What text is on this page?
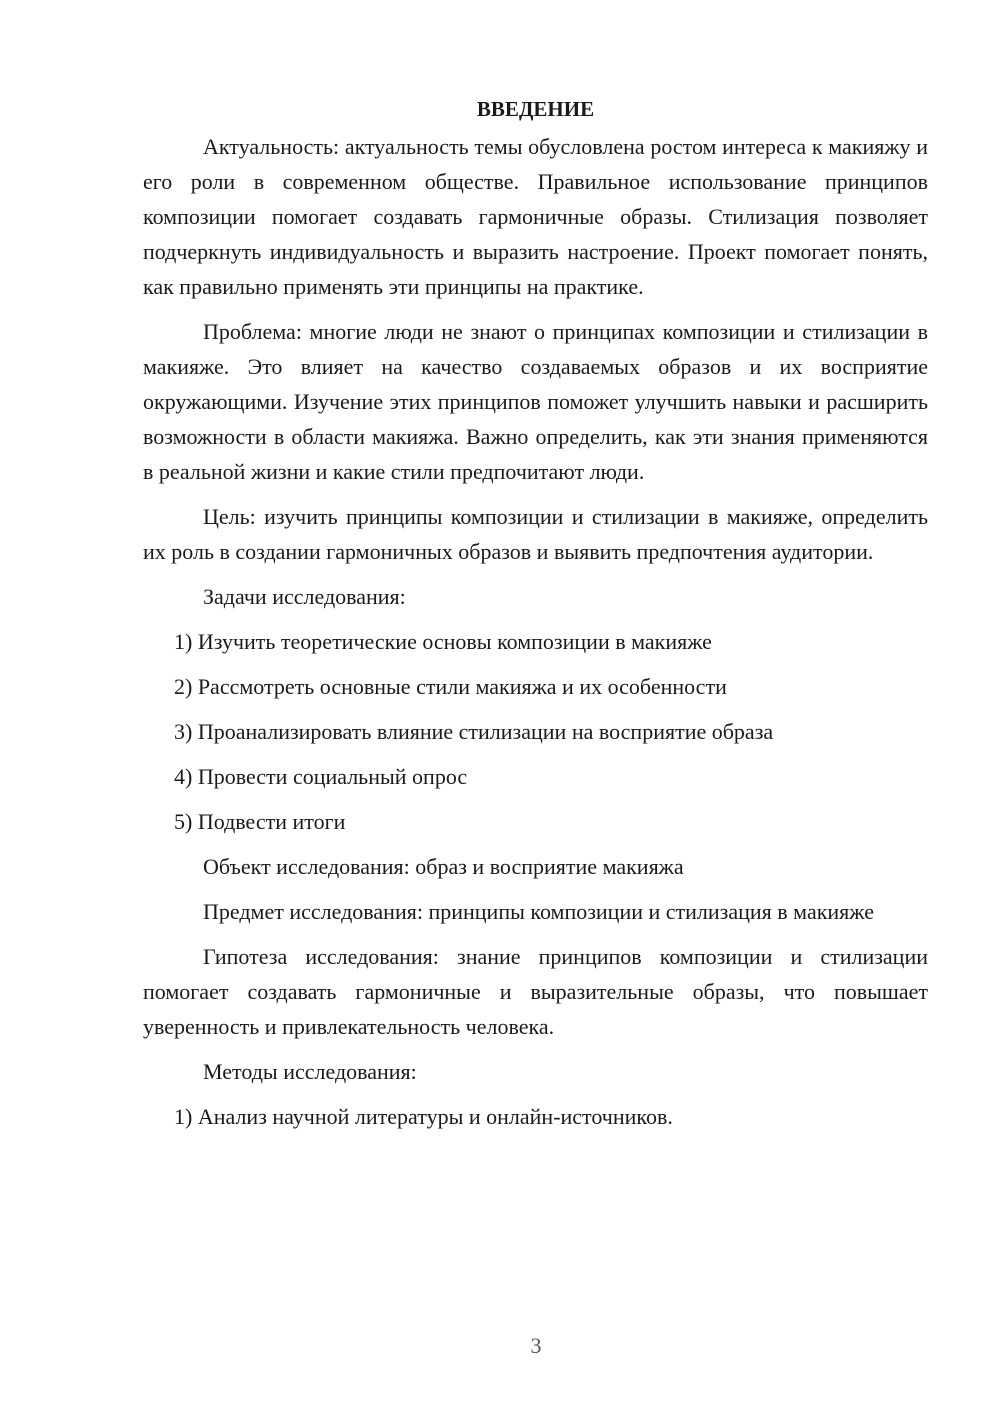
ВВЕДЕНИЕ

Актуальность: актуальность темы обусловлена ростом интереса к макияжу и его роли в современном обществе. Правильное использование принципов композиции помогает создавать гармоничные образы. Стилизация позволяет подчеркнуть индивидуальность и выразить настроение. Проект помогает понять, как правильно применять эти принципы на практике.

Проблема: многие люди не знают о принципах композиции и стилизации в макияже. Это влияет на качество создаваемых образов и их восприятие окружающими. Изучение этих принципов поможет улучшить навыки и расширить возможности в области макияжа. Важно определить, как эти знания применяются в реальной жизни и какие стили предпочитают люди.

Цель: изучить принципы композиции и стилизации в макияже, определить их роль в создании гармоничных образов и выявить предпочтения аудитории.

Задачи исследования:
1) Изучить теоретические основы композиции в макияже
2) Рассмотреть основные стили макияжа и их особенности
3) Проанализировать влияние стилизации на восприятие образа
4) Провести социальный опрос
5) Подвести итоги

Объект исследования: образ и восприятие макияжа

Предмет исследования: принципы композиции и стилизация в макияже

Гипотеза исследования: знание принципов композиции и стилизации помогает создавать гармоничные и выразительные образы, что повышает уверенность и привлекательность человека.

Методы исследования:
1) Анализ научной литературы и онлайн-источников.
3
